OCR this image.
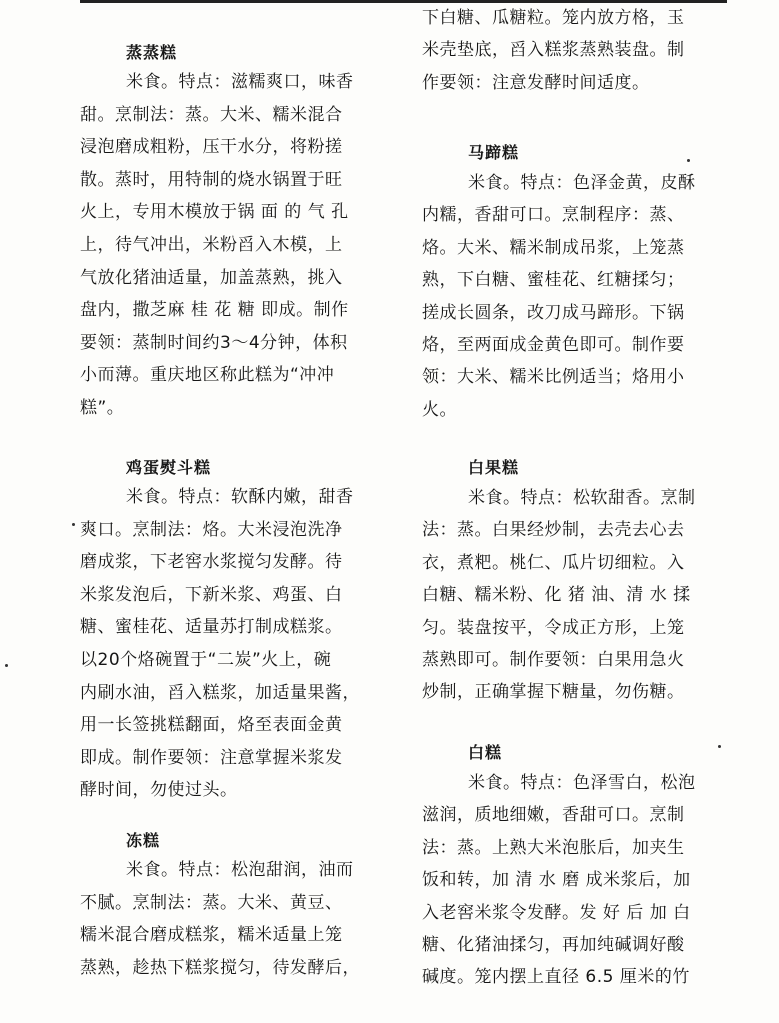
蒸蒸糕
米食。特点：滋糯爽口，味香
甜。烹制法：蒸。大米、糯米混合
浸泡磨成粗粉，压干水分，将粉搓
散。蒸时，用特制的烧水锅置于旺
火上，专用木模放于锅 面 的 气 孔
上，待气冲出，米粉舀入木模，上
气放化猪油适量，加盖蒸熟，挑入
盘内，撒芝麻 桂 花 糖 即成。制作
要领：蒸制时间约3～4分钟，体积
小而薄。重庆地区称此糕为“冲冲
糕”。
鸡蛋熨斗糕
米食。特点：软酥内嫩，甜香
爽口。烹制法：烙。大米浸泡洗净
磨成浆，下老窖水浆搅匀发酵。待
米浆发泡后，下新米浆、鸡蛋、白
糖、蜜桂花、适量苏打制成糕浆。
以20个烙碗置于“二炭”火上，碗
内刷水油，舀入糕浆，加适量果酱，
用一长签挑糕翻面，烙至表面金黄
即成。制作要领：注意掌握米浆发
酵时间，勿使过头。
冻糕
米食。特点：松泡甜润，油而
不腻。烹制法：蒸。大米、黄豆、
糯米混合磨成糕浆，糯米适量上笼
蒸熟，趁热下糕浆搅匀，待发酵后，
下白糖、瓜糖粒。笼内放方格，玉
米壳垫底，舀入糕浆蒸熟装盘。制
作要领：注意发酵时间适度。
马蹄糕
米食。特点：色泽金黄，皮酥
内糯，香甜可口。烹制程序：蒸、
烙。大米、糯米制成吊浆，上笼蒸
熟，下白糖、蜜桂花、红糖揉匀；
搓成长圆条，改刀成马蹄形。下锅
烙，至两面成金黄色即可。制作要
领：大米、糯米比例适当；烙用小
火。
白果糕
米食。特点：松软甜香。烹制
法：蒸。白果经炒制，去壳去心去
衣，煮粑。桃仁、瓜片切细粒。入
白糖、糯米粉、化 猪 油、清 水 揉
匀。装盘按平，令成正方形，上笼
蒸熟即可。制作要领：白果用急火
炒制，正确掌握下糖量，勿伤糖。
白糕
米食。特点：色泽雪白，松泡
滋润，质地细嫩，香甜可口。烹制
法：蒸。上熟大米泡胀后，加夹生
饭和转，加 清 水 磨 成米浆后，加
入老窖米浆令发酵。发 好 后 加 白
糖、化猪油揉匀，再加纯碱调好酸
碱度。笼内摆上直径 6.5 厘米的竹
